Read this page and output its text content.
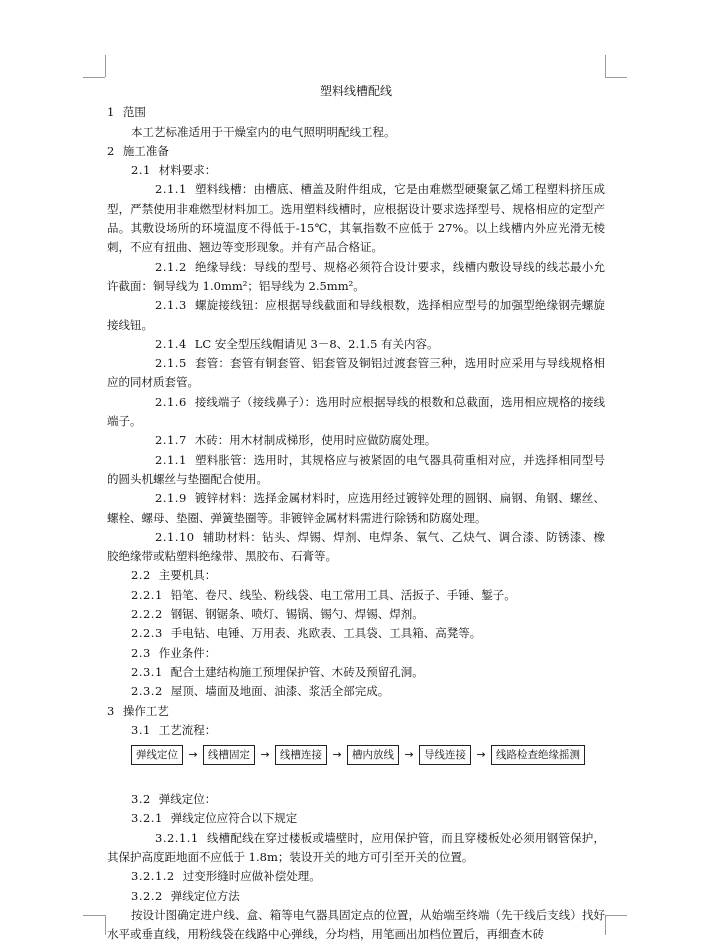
塑料线槽配线

1 范围

本工艺标准适用于干燥室内的电气照明明配线工程。

2 施工准备

2.1 材料要求：

2.1.1 塑料线槽：由槽底、槽盖及附件组成，它是由难燃型硬聚氯乙烯工程塑料挤压成型，严禁使用非难燃型材料加工。选用塑料线槽时，应根据设计要求选择型号、规格相应的定型产品。其敷设场所的环境温度不得低于-15℃，其氧指数不应低于 27%。以上线槽内外应光滑无棱刺，不应有扭曲、翘边等变形现象。并有产品合格证。

2.1.2 绝缘导线：导线的型号、规格必须符合设计要求，线槽内敷设导线的线芯最小允许截面：铜导线为 1.0mm²；铝导线为 2.5mm²。

2.1.3 螺旋接线钮：应根据导线截面和导线根数，选择相应型号的加强型绝缘钢壳螺旋接线钮。

2.1.4 LC 安全型压线帽请见 3－8、2.1.5 有关内容。

2.1.5 套管：套管有铜套管、铝套管及铜铝过渡套管三种，选用时应采用与导线规格相应的同材质套管。

2.1.6 接线端子（接线鼻子）：选用时应根据导线的根数和总截面，选用相应规格的接线端子。

2.1.7 木砖：用木材制成梯形，使用时应做防腐处理。

2.1.1 塑料胀管：选用时，其规格应与被紧固的电气器具荷重相对应，并选择相同型号的圆头机螺丝与垫圈配合使用。

2.1.9 镀锌材料：选择金属材料时，应选用经过镀锌处理的圆钢、扁钢、角钢、螺丝、螺栓、螺母、垫圈、弹簧垫圈等。非镀锌金属材料需进行除锈和防腐处理。

2.1.10 辅助材料：钻头、焊锡、焊剂、电焊条、氧气、乙炔气、调合漆、防锈漆、橡胶绝缘带或粘塑料绝缘带、黑胶布、石膏等。

2.2 主要机具：

2.2.1 铅笔、卷尺、线坠、粉线袋、电工常用工具、活扳子、手锤、錾子。

2.2.2 钢锯、钢锯条、喷灯、锡锅、锡勺、焊锡、焊剂。

2.2.3 手电钻、电锤、万用表、兆欧表、工具袋、工具箱、高凳等。

2.3 作业条件：

2.3.1 配合土建结构施工预埋保护管、木砖及预留孔洞。

2.3.2 屋顶、墙面及地面、油漆、浆活全部完成。

3 操作工艺

3.1 工艺流程：

弹线定位 → 线槽固定 → 线槽连接 → 槽内放线 → 导线连接 → 线路检查绝缘摇测

3.2 弹线定位：

3.2.1 弹线定位应符合以下规定

3.2.1.1 线槽配线在穿过楼板或墙壁时，应用保护管，而且穿楼板处必须用钢管保护，其保护高度距地面不应低于 1.8m；装设开关的地方可引至开关的位置。

3.2.1.2 过变形缝时应做补偿处理。

3.2.2 弹线定位方法

按设计图确定进户线、盒、箱等电气器具固定点的位置，从始端至终端（先干线后支线）找好水平或垂直线，用粉线袋在线路中心弹线，分均档，用笔画出加档位置后，再细查木砖
